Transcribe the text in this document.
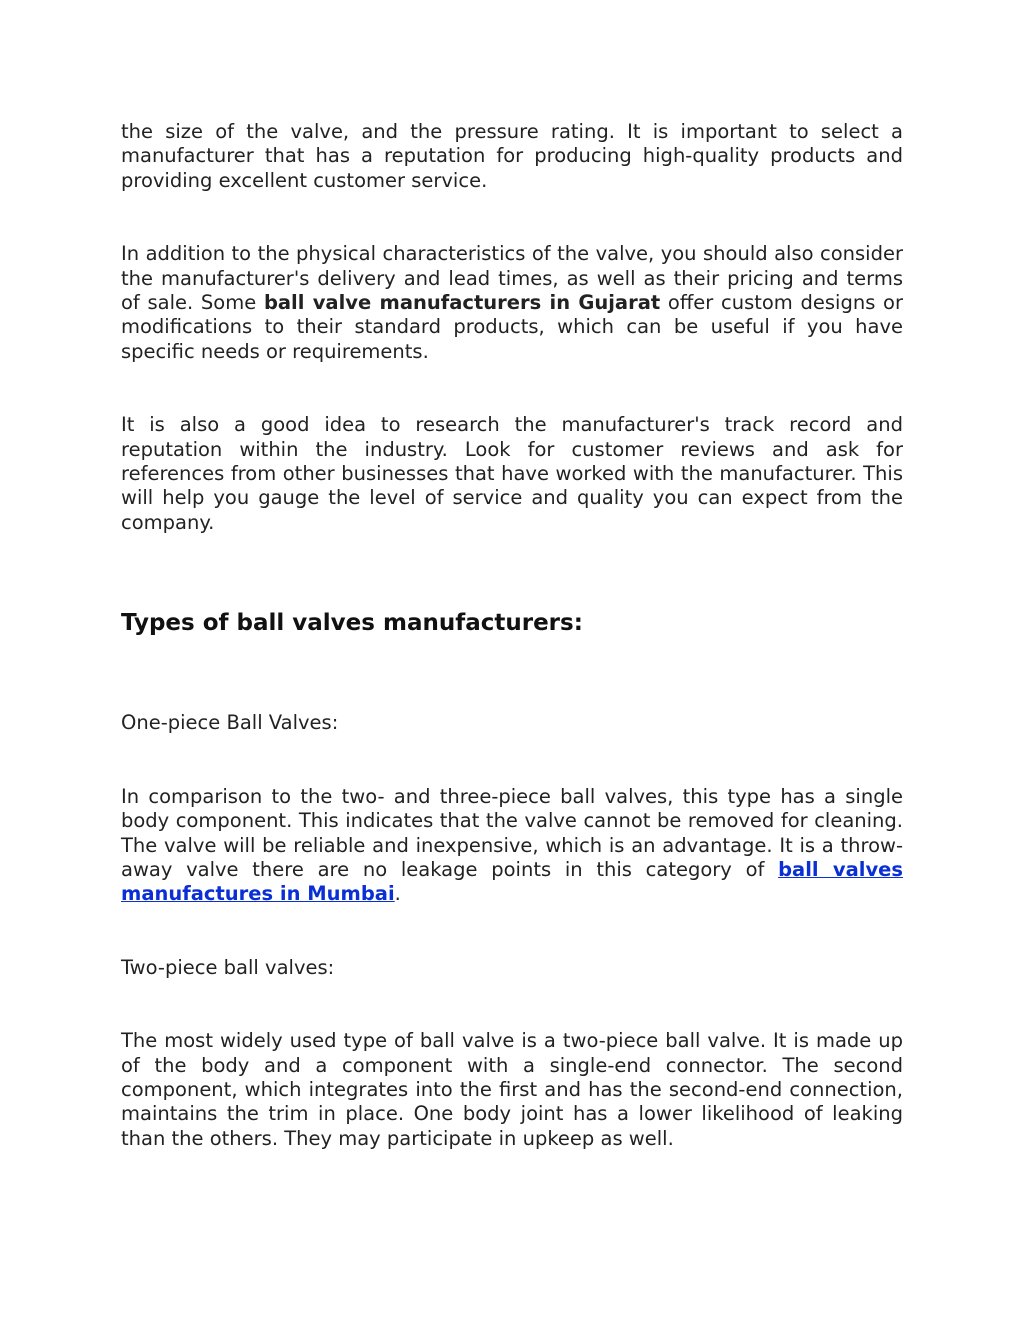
the size of the valve, and the pressure rating. It is important to select a manufacturer that has a reputation for producing high-quality products and providing excellent customer service.

In addition to the physical characteristics of the valve, you should also consider the manufacturer's delivery and lead times, as well as their pricing and terms of sale. Some ball valve manufacturers in Gujarat offer custom designs or modifications to their standard products, which can be useful if you have specific needs or requirements.

It is also a good idea to research the manufacturer's track record and reputation within the industry. Look for customer reviews and ask for references from other businesses that have worked with the manufacturer. This will help you gauge the level of service and quality you can expect from the company.

Types of ball valves manufacturers:

One-piece Ball Valves:

In comparison to the two- and three-piece ball valves, this type has a single body component. This indicates that the valve cannot be removed for cleaning. The valve will be reliable and inexpensive, which is an advantage. It is a throw-away valve there are no leakage points in this category of ball valves manufactures in Mumbai.

Two-piece ball valves:

The most widely used type of ball valve is a two-piece ball valve. It is made up of the body and a component with a single-end connector. The second component, which integrates into the first and has the second-end connection, maintains the trim in place. One body joint has a lower likelihood of leaking than the others. They may participate in upkeep as well.
